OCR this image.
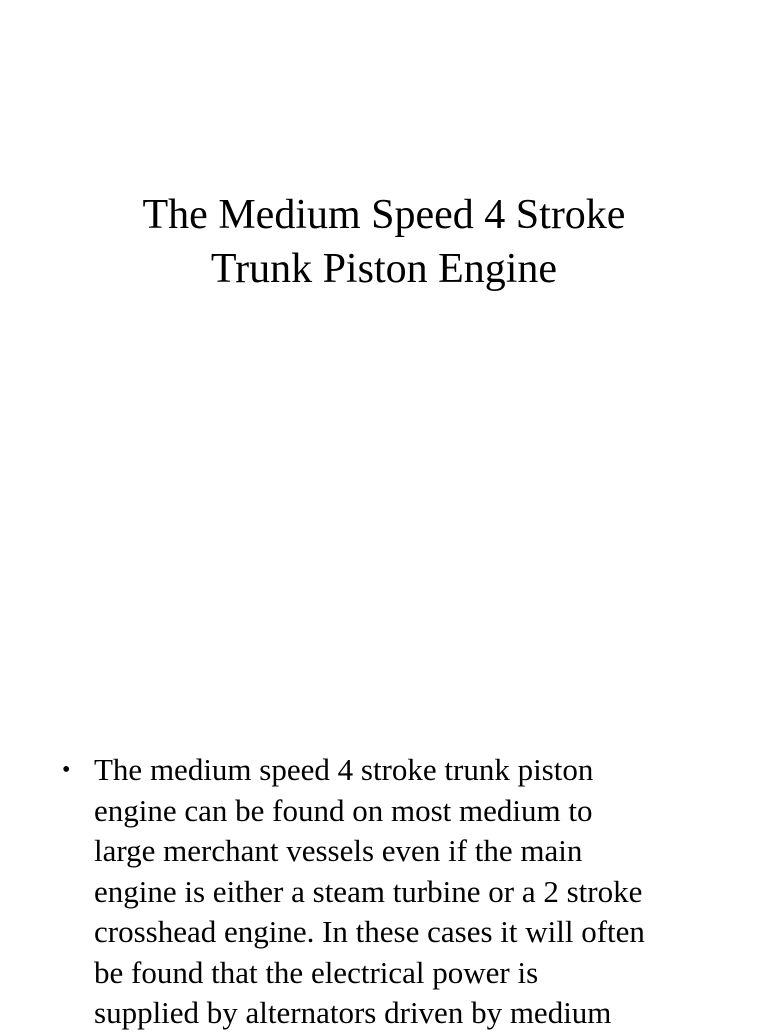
The Medium Speed 4 Stroke
Trunk Piston Engine
• The medium speed 4 stroke trunk piston
engine can be found on most medium to
large merchant vessels even if the main
engine is either a steam turbine or a 2 stroke
crosshead engine. In these cases it will often
be found that the electrical power is
supplied by alternators driven by medium
